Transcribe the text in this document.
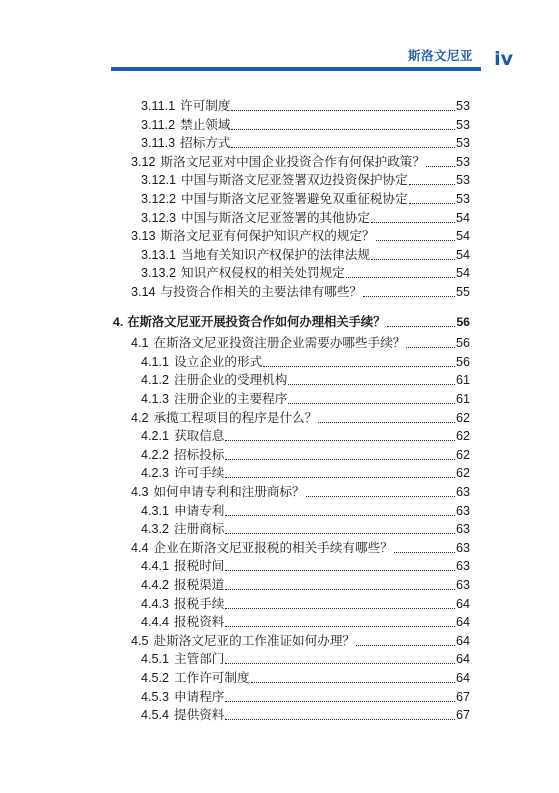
斯洛文尼亚 iv
3.11.1 许可制度	53
3.11.2 禁止领域	53
3.11.3 招标方式	53
3.12 斯洛文尼亚对中国企业投资合作有何保护政策？ 53
3.12.1 中国与斯洛文尼亚签署双边投资保护协定	53
3.12.2 中国与斯洛文尼亚签署避免双重征税协定	53
3.12.3 中国与斯洛文尼亚签署的其他协定	54
3.13 斯洛文尼亚有何保护知识产权的规定？	54
3.13.1 当地有关知识产权保护的法律法规	54
3.13.2 知识产权侵权的相关处罚规定	54
3.14 与投资合作相关的主要法律有哪些？	55
4. 在斯洛文尼亚开展投资合作如何办理相关手续？	56
4.1 在斯洛文尼亚投资注册企业需要办哪些手续？	56
4.1.1 设立企业的形式	56
4.1.2 注册企业的受理机构	61
4.1.3 注册企业的主要程序	61
4.2 承揽工程项目的程序是什么？	62
4.2.1 获取信息	62
4.2.2 招标投标	62
4.2.3 许可手续	62
4.3 如何申请专利和注册商标？	63
4.3.1 申请专利	63
4.3.2 注册商标	63
4.4 企业在斯洛文尼亚报税的相关手续有哪些？	63
4.4.1 报税时间	63
4.4.2 报税渠道	63
4.4.3 报税手续	64
4.4.4 报税资料	64
4.5 赴斯洛文尼亚的工作准证如何办理？	64
4.5.1 主管部门	64
4.5.2 工作许可制度	64
4.5.3 申请程序	67
4.5.4 提供资料	67
